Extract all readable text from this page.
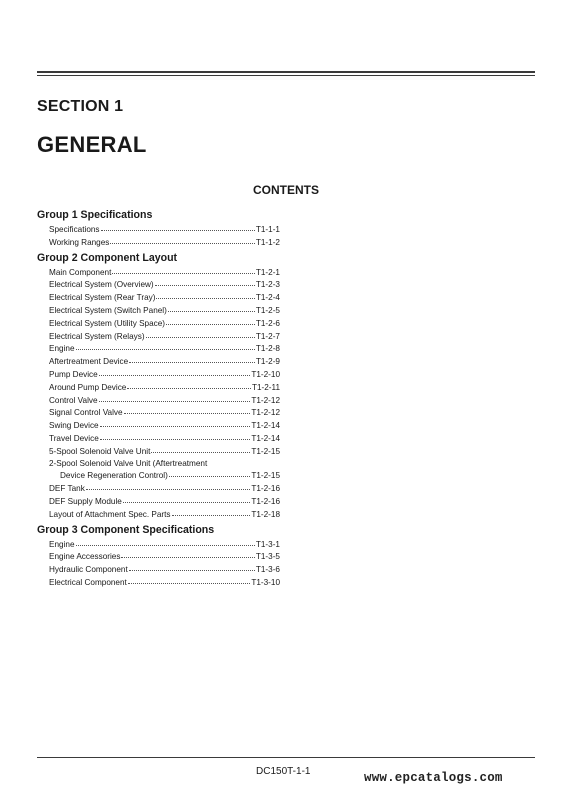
SECTION 1
GENERAL
CONTENTS
Group 1 Specifications
Specifications	T1-1-1
Working Ranges	T1-1-2
Group 2 Component Layout
Main Component	T1-2-1
Electrical System (Overview)	T1-2-3
Electrical System (Rear Tray)	T1-2-4
Electrical System (Switch Panel)	T1-2-5
Electrical System (Utility Space)	T1-2-6
Electrical System (Relays)	T1-2-7
Engine	T1-2-8
Aftertreatment Device	T1-2-9
Pump Device	T1-2-10
Around Pump Device	T1-2-11
Control Valve	T1-2-12
Signal Control Valve	T1-2-12
Swing Device	T1-2-14
Travel Device	T1-2-14
5-Spool Solenoid Valve Unit	T1-2-15
2-Spool Solenoid Valve Unit (Aftertreatment
Device Regeneration Control)	T1-2-15
DEF Tank	T1-2-16
DEF Supply Module	T1-2-16
Layout of Attachment Spec. Parts	T1-2-18
Group 3 Component Specifications
Engine	T1-3-1
Engine Accessories	T1-3-5
Hydraulic Component	T1-3-6
Electrical Component	T1-3-10
DC150T-1-1	www.epcatalogs.com
